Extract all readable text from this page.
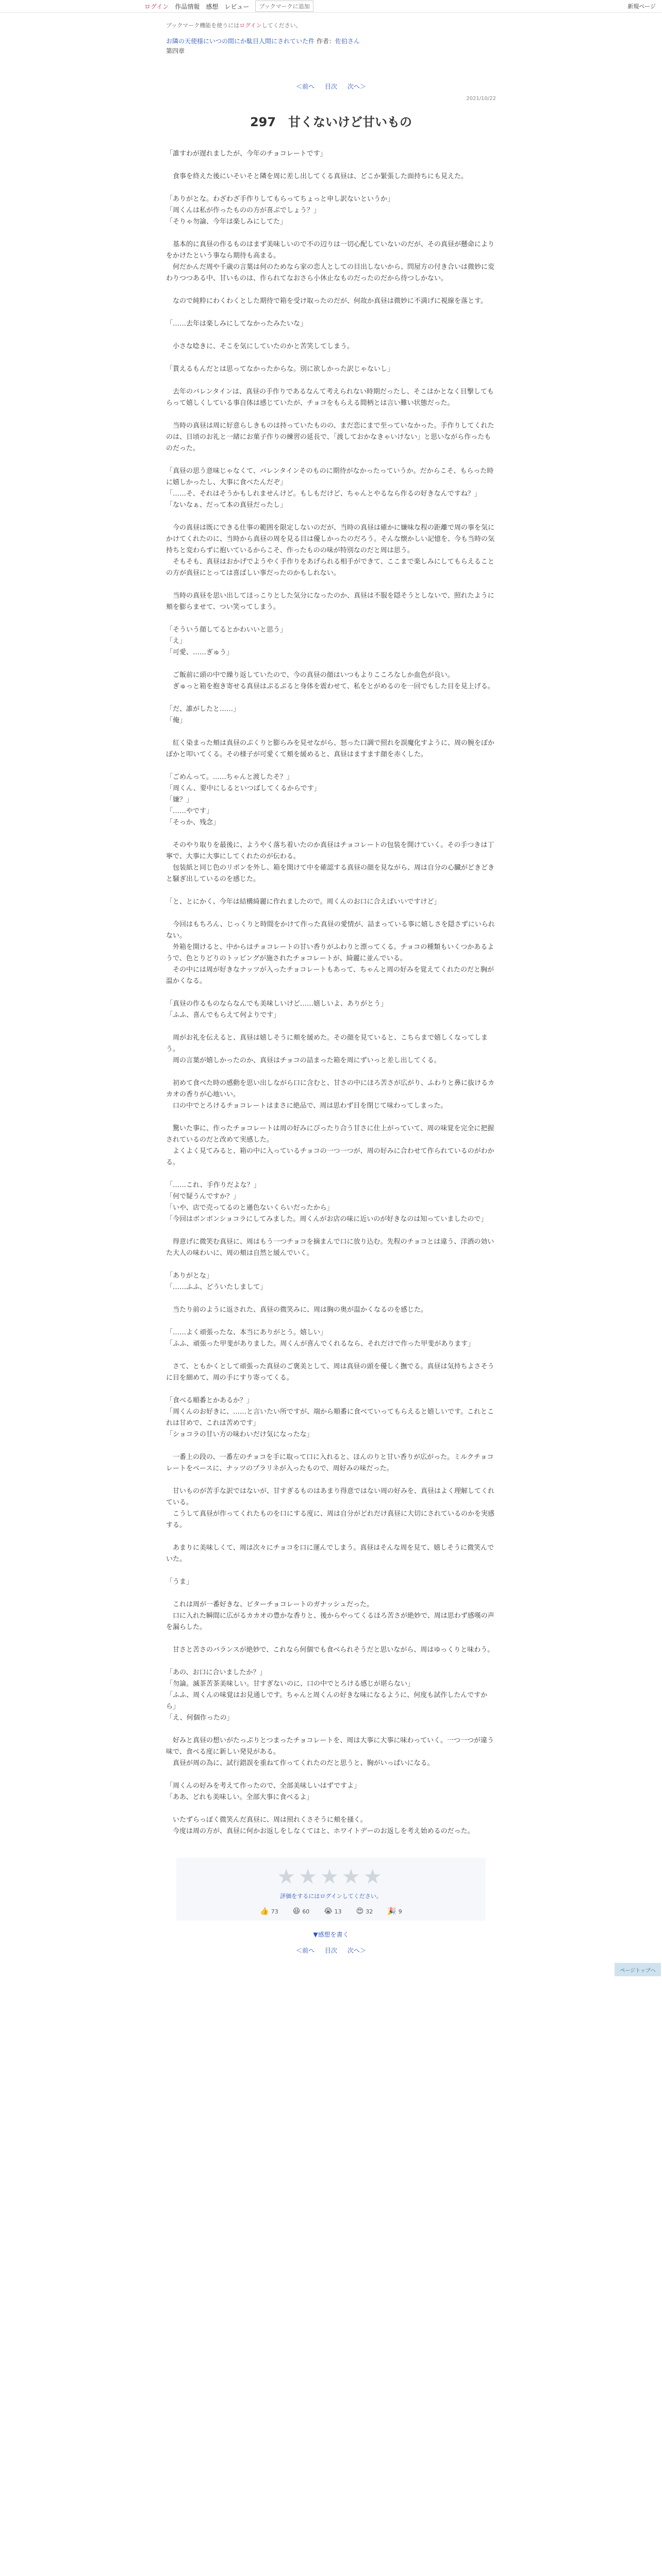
ログイン 作品情報 感想 レビュー	ブックマークに追加	新規ページ
ブックマーク機能を使うにはログインしてください。
お隣の天使様にいつの間にか駄目人間にされていた件 作者：佐伯さん
第四章
＜前へ 目次 次へ＞
2021/10/22
297　 甘くないけど甘いもの

「誰すわが遅れましたが、今年のチョコレートです」

　食事を終えた後にいそいそと隣を周に差し出してくる真昼は、どこか緊張した面持ちにも見えた。

「ありがとな。わざわざ手作りしてもらってちょっと申し訳ないというか」
「周くんは私が作ったものの方が喜ぶでしょう？」
「そりゃ勿論、今年は楽しみにしてた」

　基本的に真昼の作るものはまず美味しいので不の辺りは一切心配していないのだが、その真昼が懸命によりをかけたという事なら期待も高まる。
　何だかんだ周や千歳の言葉は何のためなら家の恋人としての目出しないから、問屋方の付き合いは微妙に変わりつつある中、甘いものは、作られてなおさら小休止なものだったのだから待つしかない。

　なので純粋にわくわくとした期待で箱を受け取ったのだが、何故か真昼は微妙に不満げに視線を落とす。

「……去年は楽しみにしてなかったみたいな」

　小さな唸きに、そこを気にしていたのかと苦笑してしまう。

「貰えるもんだとは思ってなかったからな。別に欲しかった訳じゃないし」

　去年のバレンタインは、真昼の手作りであるなんて考えられない時期だったし、そこはかとなく目撃してもらって嬉しくしている事自体は感じていたが、チョコをもらえる間柄とは言い難い状態だった。

　当時の真昼は周に好意らしきものは持っていたものの、まだ恋にまで至っていなかった。手作りしてくれたのは、日頃のお礼と一緒にお菓子作りの練習の延長で、「渡しておかなきゃいけない」と思いながら作ったものだった。

「真昼の思う意味じゃなくて、バレンタインそのものに期待がなかったっていうか。だからこそ、もらった時に嬉しかったし、大事に食べたんだぞ」
「……そ、それはそうかもしれませんけど。もしもだけど、ちゃんとやるなら作るの好きなんですね？」
「ないなぁ、だって本の真昼だったし」

　今の真昼は既にできる仕事の範囲を限定しないのだが、当時の真昼は確かに嫌味な程の距離で周の事を気にかけてくれたのに、当時から真昼の周を見る目は優しかったのだろう。そんな懐かしい記憶を、今も当時の気持ちと変わらずに抱いているからこそ、作ったものの味が特別なのだと周は思う。
　そもそも、真昼はおかげでようやく手作りをあげられる相手ができて、ここまで楽しみにしてもらえることの方が真昼にとっては喜ばしい事だったのかもしれない。

　当時の真昼を思い出してほっこりとした気分になったのか、真昼は不服を隠そうとしないで、照れたように頬を膨らませて、つい笑ってしまう。

「そういう顔してるとかわいいと思う」
「え」
「可愛、……ぎゅう」

　ご飯前に頭の中で繰り返していたので、今の真昼の顔はいつもよりこころなしか血色が良い。
　ぎゅっと箱を抱き寄せる真昼はぷるぷると身体を震わせて、私をとがめるのを一回でもした目を見上げる。

「だ、誰がしたと……」
「俺」

　紅く染まった頬は真昼のぷくりと膨らみを見せながら、怒った口調で照れを誤魔化すように、周の腕をぽかぽかと叩いてくる。その様子が可愛くて頬を緩めると、真昼はますます顔を赤くした。

「ごめんって。……ちゃんと渡したそ？」
「周くん、要中にしるといつばしてくるからです」
「嫌？」
「……やです」
「そっか、残念」

　そのやり取りを最後に、ようやく落ち着いたのか真昼はチョコレートの包装を開けていく。その手つきは丁寧で、大事に大事にしてくれたのが伝わる。
　包装紙と同じ色のリボンを外し、箱を開けて中を確認する真昼の顔を見ながら、周は自分の心臓がどきどきと騒ぎ出しているのを感じた。

「と、とにかく、今年は結構綺麗に作れましたので。周くんのお口に合えばいいですけど」

　今回はもちろん、じっくりと時間をかけて作った真昼の愛情が、詰まっている事に嬉しさを隠さずにいられない。
　外箱を開けると、中からはチョコレートの甘い香りがふわりと漂ってくる。チョコの種類もいくつかあるようで、色とりどりのトッピングが施されたチョコレートが、綺麗に並んでいる。
　その中には周が好きなナッツが入ったチョコレートもあって、ちゃんと周の好みを覚えてくれたのだと胸が温かくなる。

「真昼の作るものならなんでも美味しいけど……嬉しいよ、ありがとう」
「ふふ、喜んでもらえて何よりです」

　周がお礼を伝えると、真昼は嬉しそうに頬を緩めた。その顔を見ていると、こちらまで嬉しくなってしまう。
　周の言葉が嬉しかったのか、真昼はチョコの詰まった箱を周にずいっと差し出してくる。

　初めて食べた時の感動を思い出しながら口に含むと、甘さの中にほろ苦さが広がり、ふわりと鼻に抜けるカカオの香りが心地いい。
　口の中でとろけるチョコレートはまさに絶品で、周は思わず目を閉じて味わってしまった。

　驚いた事に、作ったチョコレートは周の好みにぴったり合う甘さに仕上がっていて、周の味覚を完全に把握されているのだと改めて実感した。
　よくよく見てみると、箱の中に入っているチョコの一つ一つが、周の好みに合わせて作られているのがわかる。

「……これ、手作りだよな？」
「何で疑うんですか？」
「いや、店で売ってるのと遜色ないくらいだったから」
「今回はボンボンショコラにしてみました。周くんがお店の味に近いのが好きなのは知っていましたので」

　得意げに微笑む真昼に、周はもう一つチョコを摘まんで口に放り込む。先程のチョコとは違う、洋酒の効いた大人の味わいに、周の頬は自然と緩んでいく。

「ありがとな」
「……ふふ、どういたしまして」

　当たり前のように返された、真昼の微笑みに、周は胸の奥が温かくなるのを感じた。

「……よく頑張ったな、本当にありがとう。嬉しい」
「ふふ、頑張った甲斐がありました。周くんが喜んでくれるなら、それだけで作った甲斐があります」

　さて、ともかくとして頑張った真昼のご褒美として、周は真昼の頭を優しく撫でる。真昼は気持ちよさそうに目を細めて、周の手にすり寄ってくる。

「食べる順番とかあるか？」
「周くんのお好きに、……と言いたい所ですが、端から順番に食べていってもらえると嬉しいです。これとこれは甘めで、これは苦めです」
「ショコラの甘い方の味わいだけ気になったな」

　一番上の段の、一番左のチョコを手に取って口に入れると、ほんのりと甘い香りが広がった。ミルクチョコレートをベースに、ナッツのプラリネが入ったもので、周好みの味だった。

　甘いものが苦手な訳ではないが、甘すぎるものはあまり得意ではない周の好みを、真昼はよく理解してくれている。
　こうして真昼が作ってくれたものを口にする度に、周は自分がどれだけ真昼に大切にされているのかを実感する。

　あまりに美味しくて、周は次々にチョコを口に運んでしまう。真昼はそんな周を見て、嬉しそうに微笑んでいた。

「うま」

　これは周が一番好きな、ビターチョコレートのガナッシュだった。
　口に入れた瞬間に広がるカカオの豊かな香りと、後からやってくるほろ苦さが絶妙で、周は思わず感嘆の声を漏らした。

　甘さと苦さのバランスが絶妙で、これなら何個でも食べられそうだと思いながら、周はゆっくりと味わう。

「あの、お口に合いましたか？」
「勿論。滅茶苦茶美味しい。甘すぎないのに、口の中でとろける感じが堪らない」
「ふふ、周くんの味覚はお見通しです。ちゃんと周くんの好きな味になるように、何度も試作したんですから」
「え、何個作ったの」

　好みと真昼の想いがたっぷりとつまったチョコレートを、周は大事に大事に味わっていく。一つ一つが違う味で、食べる度に新しい発見がある。
　真昼が周の為に、試行錯誤を重ねて作ってくれたのだと思うと、胸がいっぱいになる。

「周くんの好みを考えて作ったので、全部美味しいはずですよ」
「ああ、どれも美味しい。全部大事に食べるよ」

　いたずらっぽく微笑んだ真昼に、周は照れくさそうに頬を掻く。
　今度は周の方が、真昼に何かお返しをしなくてはと、ホワイトデーのお返しを考え始めるのだった。

★★★★★
評価をするにはログインしてください。
👍 73 😆 60 😭 13 😍 32 🎉 9
▼感想を書く
＜前へ 目次 次へ＞
ページトップへ
